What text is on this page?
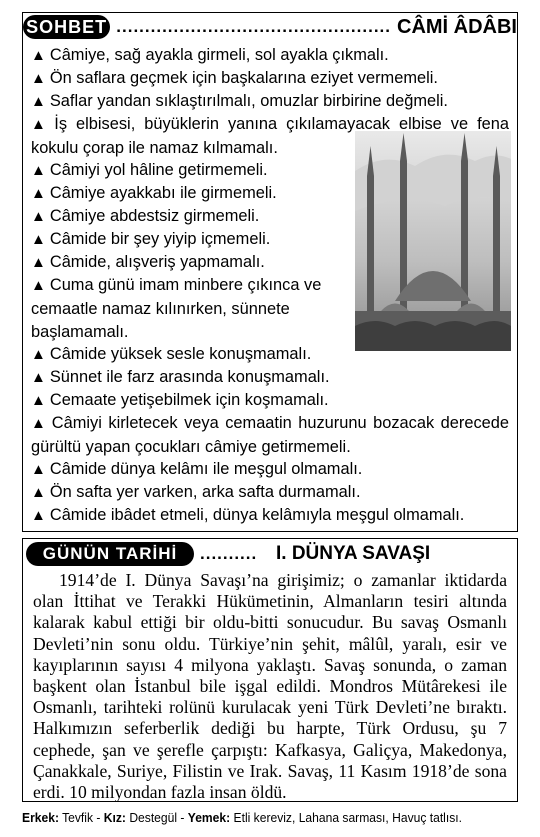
SOHBET ................................................ CÂMİ ÂDÂBI
▲ Câmiye, sağ ayakla girmeli, sol ayakla çıkmalı.
▲ Ön saflara geçmek için başkalarına eziyet vermemeli.
▲ Saflar yandan sıklaştırılmalı, omuzlar birbirine değmeli.
▲ İş elbisesi, büyüklerin yanına çıkılamayacak elbise ve fena kokulu çorap ile namaz kılmamalı.
▲ Câmiyi yol hâline getirmemeli.
▲ Câmiye ayakkabı ile girmemeli.
▲ Câmiye abdestsiz girmemeli.
▲ Câmide bir şey yiyip içmemeli.
▲ Câmide, alışveriş yapmamalı.
▲ Cuma günü imam minbere çıkınca ve cemaatle namaz kılınırken, sünnete başlamamalı.
▲ Câmide yüksek sesle konuşmamalı.
▲ Sünnet ile farz arasında konuşmamalı.
▲ Cemaate yetişebilmek için koşmamalı.
▲ Câmiyi kirletecek veya cemaatin huzurunu bozacak derecede gürültü yapan çocukları câmiye getirmemeli.
▲ Câmide dünya kelâmı ile meşgul olmamalı.
▲ Ön safta yer varken, arka safta durmamalı.
▲ Câmide ibâdet etmeli, dünya kelâmıyla meşgul olmamalı.
GÜNÜN TARİHİ	.......... I. DÜNYA SAVAŞI
1914’de I. Dünya Savaşı’na girişimiz; o zamanlar iktidarda olan İttihat ve Terakki Hükümetinin, Almanların tesiri altında kalarak kabul ettiği bir oldu-bitti sonucudur. Bu savaş Osmanlı Devleti’nin sonu oldu. Türkiye’nin şehit, mâlûl, yaralı, esir ve kayıplarının sayısı 4 milyona yaklaştı. Savaş sonunda, o zaman başkent olan İstanbul bile işgal edildi. Mondros Mütârekesi ile Osmanlı, tarihteki rolünü kurulacak yeni Türk Devleti’ne bıraktı. Halkımızın seferberlik dediği bu harpte, Türk Ordusu, şu 7 cephede, şan ve şerefle çarpıştı: Kafkasya, Galiçya, Makedonya, Çanakkale, Suriye, Filistin ve Irak. Savaş, 11 Kasım 1918’de sona erdi. 10 milyondan fazla insan öldü.
Erkek: Tevfik - Kız: Destegül - Yemek: Etli kereviz, Lahana sarması, Havuç tatlısı.
